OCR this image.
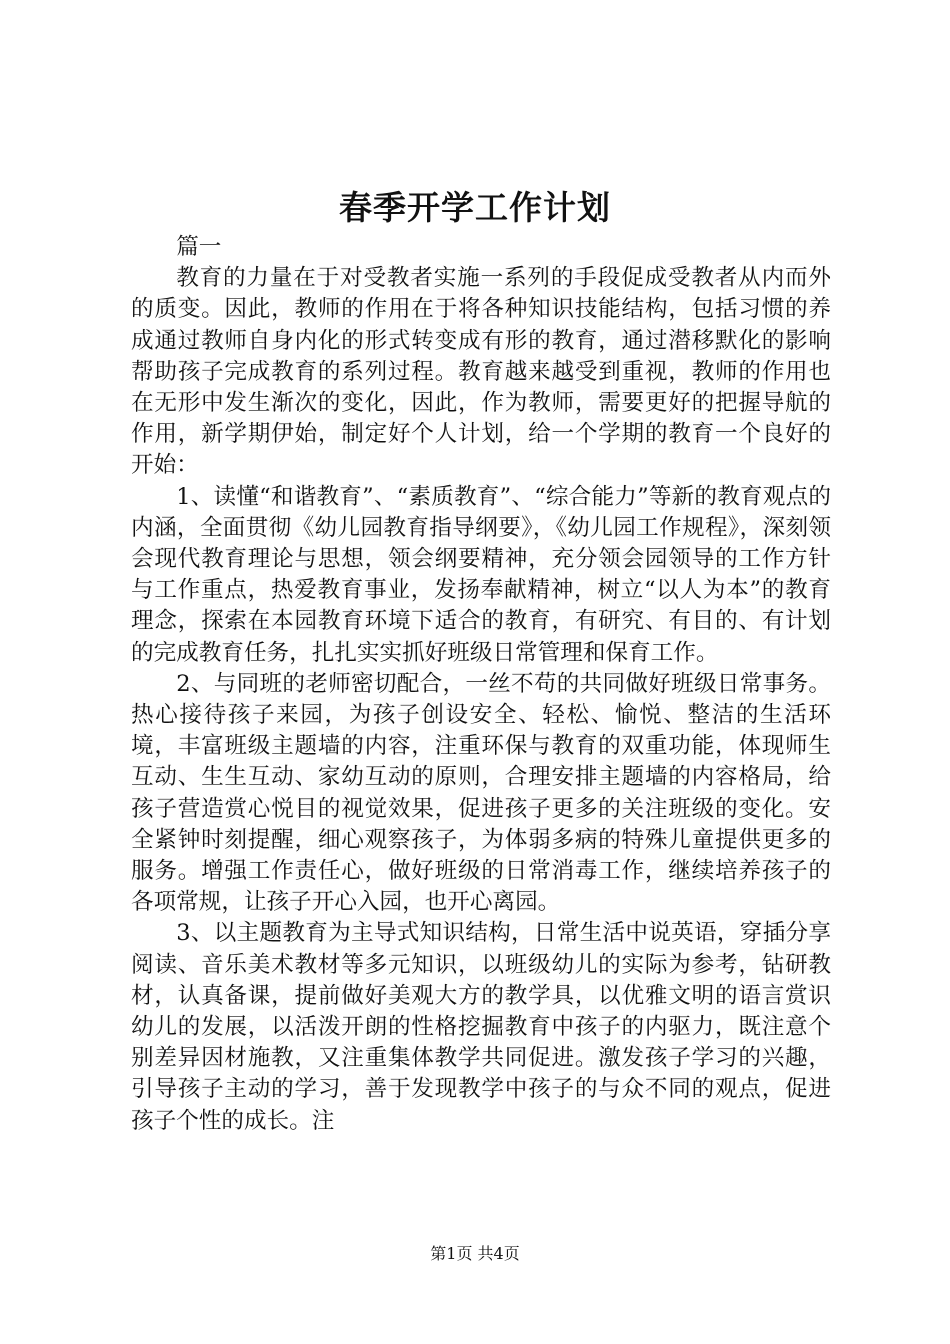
春季开学工作计划

篇一

教育的力量在于对受教者实施一系列的手段促成受教者从内而外的质变。因此，教师的作用在于将各种知识技能结构，包括习惯的养成通过教师自身内化的形式转变成有形的教育，通过潜移默化的影响帮助孩子完成教育的系列过程。教育越来越受到重视，教师的作用也在无形中发生渐次的变化，因此，作为教师，需要更好的把握导航的作用，新学期伊始，制定好个人计划，给一个学期的教育一个良好的开始：

1、读懂“和谐教育”、“素质教育”、“综合能力”等新的教育观点的内涵，全面贯彻《幼儿园教育指导纲要》，《幼儿园工作规程》，深刻领会现代教育理论与思想，领会纲要精神，充分领会园领导的工作方针与工作重点，热爱教育事业，发扬奉献精神，树立“以人为本”的教育理念，探索在本园教育环境下适合的教育，有研究、有目的、有计划的完成教育任务，扎扎实实抓好班级日常管理和保育工作。

2、与同班的老师密切配合，一丝不苟的共同做好班级日常事务。热心接待孩子来园，为孩子创设安全、轻松、愉悦、整洁的生活环境，丰富班级主题墙的内容，注重环保与教育的双重功能，体现师生互动、生生互动、家幼互动的原则，合理安排主题墙的内容格局，给孩子营造赏心悦目的视觉效果，促进孩子更多的关注班级的变化。安全紧钟时刻提醒，细心观察孩子，为体弱多病的特殊儿童提供更多的服务。增强工作责任心，做好班级的日常消毒工作，继续培养孩子的各项常规，让孩子开心入园，也开心离园。

3、以主题教育为主导式知识结构，日常生活中说英语，穿插分享阅读、音乐美术教材等多元知识，以班级幼儿的实际为参考，钻研教材，认真备课，提前做好美观大方的教学具，以优雅文明的语言赏识幼儿的发展，以活泼开朗的性格挖掘教育中孩子的内驱力，既注意个别差异因材施教，又注重集体教学共同促进。激发孩子学习的兴趣，引导孩子主动的学习，善于发现教学中孩子的与众不同的观点，促进孩子个性的成长。注

第1页 共4页
